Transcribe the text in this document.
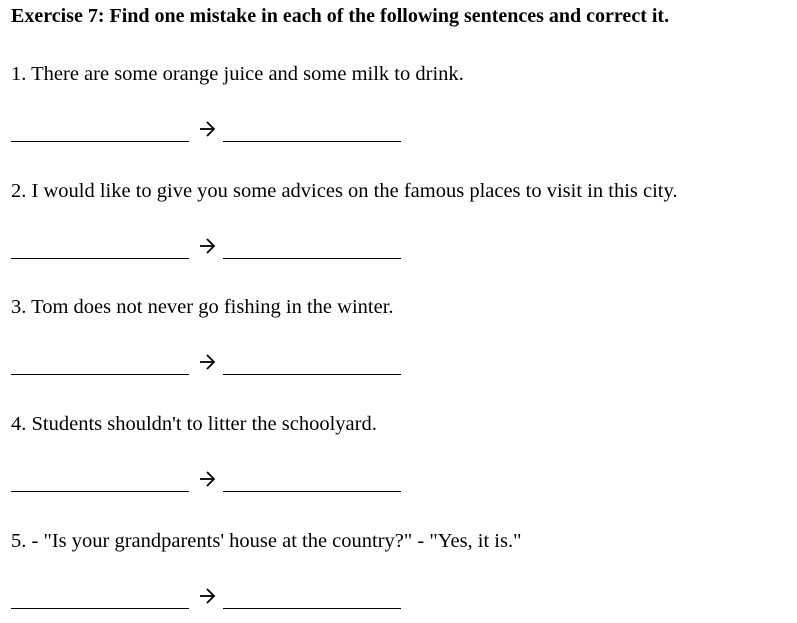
Exercise 7: Find one mistake in each of the following sentences and correct it.
1. There are some orange juice and some milk to drink.
2. I would like to give you some advices on the famous places to visit in this city.
3. Tom does not never go fishing in the winter.
4. Students shouldn't to litter the schoolyard.
5. - "Is your grandparents' house at the country?" - "Yes, it is."
